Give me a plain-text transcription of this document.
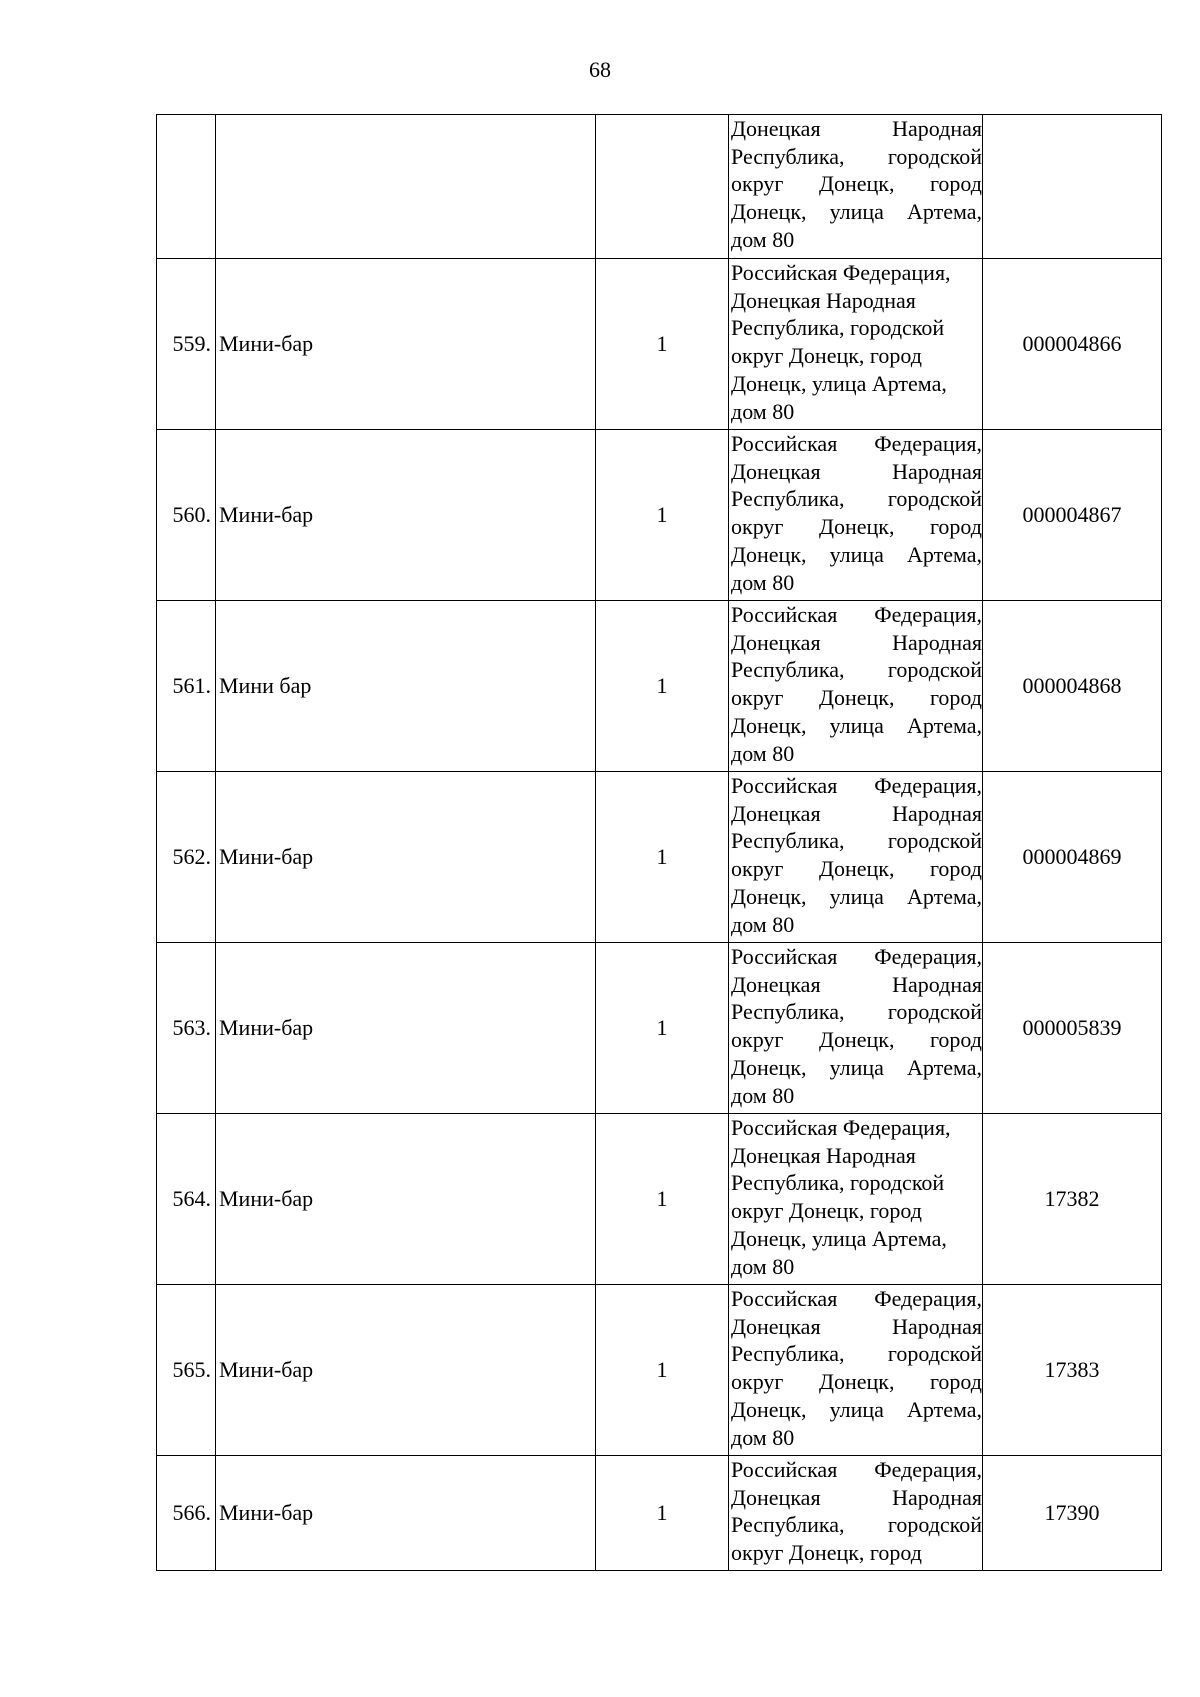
68

			Донецкая Народная Республика, городской округ Донецк, город Донецк, улица Артема, дом 80	

559.	Мини-бар	1	Российская Федерация, Донецкая Народная Республика, городской округ Донецк, город Донецк, улица Артема, дом 80	000004866
560.	Мини-бар	1	Российская Федерация, Донецкая Народная Республика, городской округ Донецк, город Донецк, улица Артема, дом 80	000004867
561.	Мини бар	1	Российская Федерация, Донецкая Народная Республика, городской округ Донецк, город Донецк, улица Артема, дом 80	000004868
562.	Мини-бар	1	Российская Федерация, Донецкая Народная Республика, городской округ Донецк, город Донецк, улица Артема, дом 80	000004869
563.	Мини-бар	1	Российская Федерация, Донецкая Народная Республика, городской округ Донецк, город Донецк, улица Артема, дом 80	000005839
564.	Мини-бар	1	Российская Федерация, Донецкая Народная Республика, городской округ Донецк, город Донецк, улица Артема, дом 80	17382
565.	Мини-бар	1	Российская Федерация, Донецкая Народная Республика, городской округ Донецк, город Донецк, улица Артема, дом 80	17383
566.	Мини-бар	1	Российская Федерация, Донецкая Народная Республика, городской округ Донецк, город	17390
